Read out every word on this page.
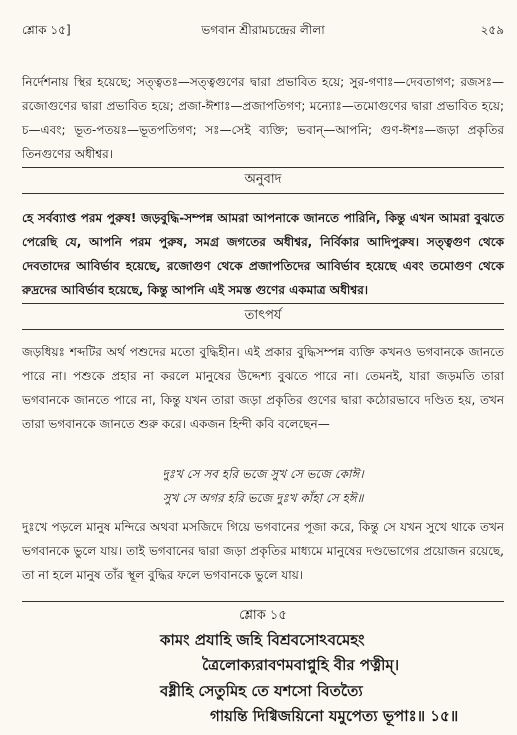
শ্লোক ১৫]	ভগবান শ্রীরামচন্দ্রের লীলা	২৫৯

নির্দেশনায় স্থির হয়েছে; সত্ত্বতঃ—সত্ত্বগুণের দ্বারা প্রভাবিত হয়ে; সুর-গণাঃ—দেবতাগণ; রজসঃ—রজোগুণের দ্বারা প্রভাবিত হয়ে; প্রজা-ঈশাঃ—প্রজাপতিগণ; মন্যোঃ—তমোগুণের দ্বারা প্রভাবিত হয়ে; চ—এবং; ভূত-পতয়ঃ—ভূতপতিগণ; সঃ—সেই ব্যক্তি; ভবান্—আপনি; গুণ-ঈশঃ—জড়া প্রকৃতির তিনগুণের অধীশ্বর।

অনুবাদ

হে সর্বব্যাপ্ত পরম পুরুষ! জড়বুদ্ধি-সম্পন্ন আমরা আপনাকে জানতে পারিনি, কিন্তু এখন আমরা বুঝতে পেরেছি যে, আপনি পরম পুরুষ, সমগ্র জগতের অধীশ্বর, নির্বিকার আদিপুরুষ। সত্ত্বগুণ থেকে দেবতাদের আবির্ভাব হয়েছে, রজোগুণ থেকে প্রজাপতিদের আবির্ভাব হয়েছে এবং তমোগুণ থেকে রুদ্রদের আবির্ভাব হয়েছে, কিন্তু আপনি এই সমস্ত গুণের একমাত্র অধীশ্বর।

তাৎপর্য

জড়ধিয়ঃ শব্দটির অর্থ পশুদের মতো বুদ্ধিহীন। এই প্রকার বুদ্ধিসম্পন্ন ব্যক্তি কখনও ভগবানকে জানতে পারে না। পশুকে প্রহার না করলে মানুষের উদ্দেশ্য বুঝতে পারে না। তেমনই, যারা জড়মতি তারা ভগবানকে জানতে পারে না, কিন্তু যখন তারা জড়া প্রকৃতির গুণের দ্বারা কঠোরভাবে দণ্ডিত হয়, তখন তারা ভগবানকে জানতে শুরু করে। একজন হিন্দী কবি বলেছেন—

দুঃখ সে সব হরি ভজে সুখ সে ভজে কোঈ।

সুখ সে অগর হরি ভজে দুঃখ কাঁহা সে হঈ॥

দুঃখে পড়লে মানুষ মন্দিরে অথবা মসজিদে গিয়ে ভগবানের পূজা করে, কিন্তু সে যখন সুখে থাকে তখন ভগবানকে ভুলে যায়। তাই ভগবানের দ্বারা জড়া প্রকৃতির মাধ্যমে মানুষের দণ্ডভোগের প্রয়োজন রয়েছে, তা না হলে মানুষ তাঁর স্থূল বুদ্ধির ফলে ভগবানকে ভুলে যায়।

শ্লোক ১৫

কামং প্রযাহি জহি বিশ্রবসোঽবমেহং

ত্রৈলোক্যরাবণমবাপ্নুহি বীর পত্নীম্।

বধ্নীহি সেতুমিহ তে যশসো বিতত্যৈ

গায়ন্তি দিগ্বিজয়িনো যমুপেত্য ভূপাঃ॥ ১৫॥
